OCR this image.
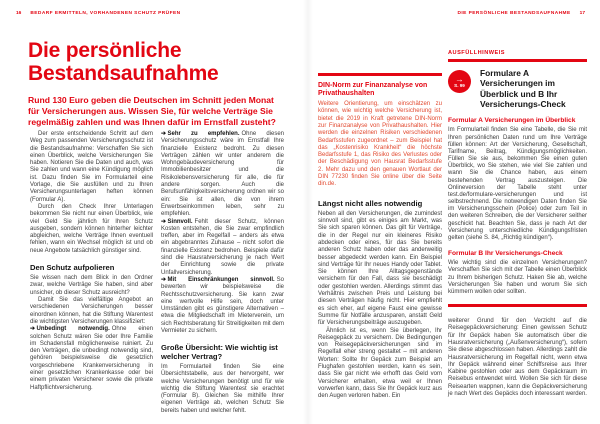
16 BEDARF ERMITTELN, VORHANDENEN SCHUTZ PRÜFEN	DIE PERSÖNLICHE BESTANDSAUFNAHME 17
Die persönliche
Bestandsaufnahme
Rund 130 Euro geben die Deutschen im Schnitt jeden Monat für Versicherungen aus. Wissen Sie, für welche Verträge Sie regelmäßig zahlen und was Ihnen dafür im Ernstfall zusteht?

Der erste entscheidende Schritt auf dem Weg zum passenden Versicherungsschutz ist die Bestandsaufnahme: Verschaffen Sie sich einen Überblick, welche Versicherungen Sie haben. Notieren Sie die Daten und auch, was Sie zahlen und wann eine Kündigung möglich ist. Dazu finden Sie im Formularteil eine Vorlage, die Sie ausfüllen und zu Ihren Versicherungsunterlagen heften können (Formular A).

Durch den Check Ihrer Unterlagen bekommen Sie nicht nur einen Überblick, wie viel Geld Sie jährlich für Ihren Schutz ausgeben, sondern können hinterher leichter abgleichen, welche Verträge Ihnen eventuell fehlen, wann ein Wechsel möglich ist und ob neue Angebote tatsächlich günstiger sind.

Den Schutz aufpolieren

Sie wissen nach dem Blick in den Ordner zwar, welche Verträge Sie haben, sind aber unsicher, ob dieser Schutz ausreicht?

Damit Sie das vielfältige Angebot an verschiedenen Versicherungen besser einordnen können, hat die Stiftung Warentest die wichtigsten Versicherungen klassifiziert:

➔ Unbedingt notwendig. Ohne einen solchen Schutz wären Sie oder Ihre Familie im Schadensfall möglicherweise ruiniert. Zu den Verträgen, die unbedingt notwendig sind, gehören beispielsweise die gesetzlich vorgeschriebene Krankenversicherung in einer gesetzlichen Krankenkasse oder bei einem privaten Versicherer sowie die private Haftpflichtversicherung.

➔ Sehr zu empfehlen. Ohne diesen Versicherungsschutz wäre im Ernstfall Ihre finanzielle Existenz bedroht. Zu diesen Verträgen zählen wir unter anderem die Wohngebäudeversicherung für Immobilienbesitzer und die Risikolebensversicherung für alle, die für andere sorgen. Auch die Berufsunfähigkeitsversicherung ordnen wir so ein: Sie ist allen, die von ihrem Erwerbseinkommen leben, sehr zu empfehlen.

➔ Sinnvoll. Fehlt dieser Schutz, können Kosten entstehen, die Sie zwar empfindlich treffen, aber im Regelfall – anders als etwa ein abgebranntes Zuhause – nicht sofort die finanzielle Existenz bedrohen. Beispiele dafür sind die Hausratversicherung je nach Wert der Einrichtung sowie die private Unfallversicherung.

➔ Mit Einschränkungen sinnvoll. So bewerten wir beispielsweise die Rechtsschutzversicherung. Sie kann zwar eine wertvolle Hilfe sein, doch unter Umständen gibt es günstigere Alternativen – etwa die Mitgliedschaft im Mieterverein, um sich Rechtsberatung für Streitigkeiten mit dem Vermieter zu sichern.

Große Übersicht: Wie wichtig ist welcher Vertrag?

Im Formularteil finden Sie eine Übersichtstabelle, aus der hervorgeht, wer welche Versicherungen benötigt und für wie wichtig die Stiftung Warentest sie erachtet (Formular B). Gleichen Sie mithilfe Ihrer eigenen Verträge ab, welchen Schutz Sie bereits haben und welcher fehlt.

DIN-Norm zur Finanzanalyse von Privathaushalten

Weitere Orientierung, um einschätzen zu können, wie wichtig welche Versicherung ist, bietet die 2019 in Kraft getretene DIN-Norm zur Finanzanalyse von Privathaushalten. Hier werden die einzelnen Risiken verschiedenen Bedarfsstufen zugeordnet – zum Beispiel hat das „Kostenrisiko Krankheit“ die höchste Bedarfsstufe 1, das Risiko des Verlustes oder der Beschädigung von Hausrat Bedarfsstufe 2. Mehr dazu und den genauen Wortlaut der DIN 77230 finden Sie online über die Seite din.de.

Längst nicht alles notwendig

Neben all den Versicherungen, die zumindest sinnvoll sind, gibt es einiges am Markt, was Sie sich sparen können. Das gilt für Verträge, die in der Regel nur ein kleineres Risiko abdecken oder eines, für das Sie bereits anderen Schutz haben oder das anderweitig besser abgedeckt werden kann. Ein Beispiel sind Verträge für Ihr neues Handy oder Tablet. Sie können Ihre Alltagsgegenstände versichern für den Fall, dass sie beschädigt oder gestohlen werden. Allerdings stimmt das Verhältnis zwischen Preis und Leistung bei diesen Verträgen häufig nicht. Hier empfiehlt es sich eher, auf eigene Faust eine gewisse Summe für Notfälle anzusparen, anstatt Geld für Versicherungsbeiträge auszugeben.

Ähnlich ist es, wenn Sie überlegen, Ihr Reisegepäck zu versichern. Die Bedingungen von Reisegepäckversicherungen sind im Regelfall eher streng gestaltet – mit anderen Worten: Sollte Ihr Gepäck zum Beispiel am Flughafen gestohlen werden, kann es sein, dass Sie gar nicht wie erhofft das Geld vom Versicherer erhalten, etwa weil er Ihnen vorwerfen kann, dass Sie Ihr Gepäck kurz aus den Augen verloren haben. Ein

AUSFÜLLHINWEIS

→
S. 99
Formulare A Versicherungen im Überblick und B Ihr Versicherungs-Check
Formular A Versicherungen im Überblick

Im Formularteil finden Sie eine Tabelle, die Sie mit Ihren persönlichen Daten rund um Ihre Verträge füllen können: Art der Versicherung, Gesellschaft, Tarifname, Beitrag, Kündigungsmöglichkeiten. Füllen Sie sie aus, bekommen Sie einen guten Überblick, wo Sie stehen, wie viel Sie zahlen und wann Sie die Chance haben, aus einem bestehenden Vertrag auszusteigen. Die Onlineversion der Tabelle steht unter test.de/formulare-versicherungen und ist selbstrechnend. Die notwendigen Daten finden Sie im Versicherungsschein (Police) oder zum Teil in den weiteren Schreiben, die der Versicherer seither geschickt hat. Beachten Sie, dass je nach Art der Versicherung unterschiedliche Kündigungsfristen gelten (siehe S. 84, „Richtig kündigen“).

Formular B Ihr Versicherungs-Check

Wie wichtig sind die einzelnen Versicherungen? Verschaffen Sie sich mit der Tabelle einen Überblick zu Ihrem bisherigen Schutz. Haken Sie ab, welche Versicherungen Sie haben und worum Sie sich kümmern wollen oder sollten.

weiterer Grund für den Verzicht auf die Reisegepäckversicherung: Einen gewissen Schutz für Ihr Gepäck haben Sie automatisch über die Hausratversicherung („Außenversicherung“), sofern Sie diese abgeschlossen haben. Allerdings zahlt die Hausratversicherung im Regelfall nicht, wenn etwa Ihr Gepäck während einer Schiffsreise aus Ihrer Kabine gestohlen oder aus dem Gepäckraum im Reisebus entwendet wird. Wollen Sie sich für diese Reisearten wappnen, kann die Gepäckversicherung je nach Wert des Gepäcks doch interessant werden.
